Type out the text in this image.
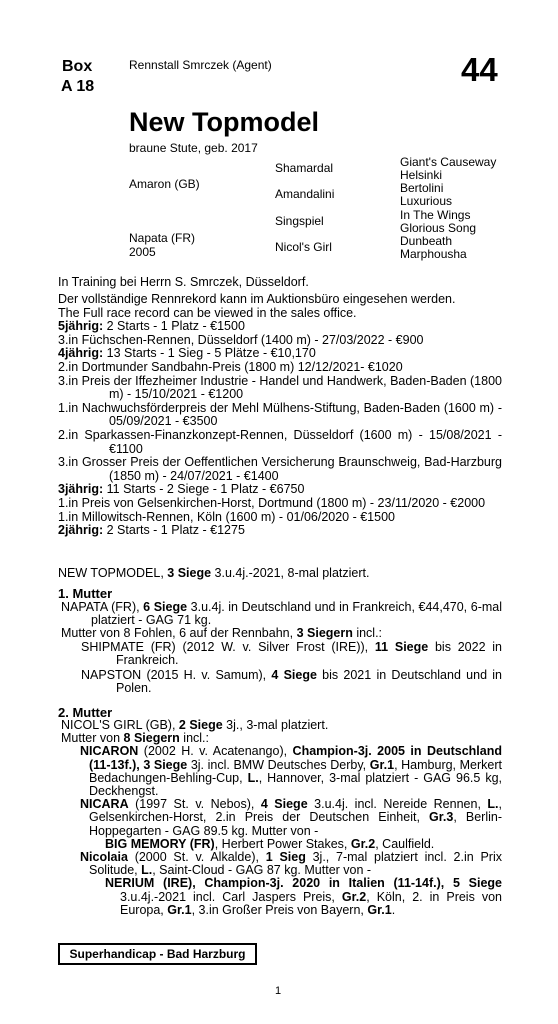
Box
A 18
Rennstall Smrczek (Agent)	44
New Topmodel
braune Stute, geb. 2017
Amaron (GB)
Napata (FR)
2005
Shamardal
Amandalini
Singspiel
Nicol's Girl
Giant's Causeway
Helsinki
Bertolini
Luxurious
In The Wings
Glorious Song
Dunbeath
Marphousha
In Training bei Herrn S. Smrczek, Düsseldorf.
Der vollständige Rennrekord kann im Auktionsbüro eingesehen werden.
The Full race record can be viewed in the sales office.
5jährig: 2 Starts - 1 Platz - €1500
3.in Füchschen-Rennen, Düsseldorf (1400 m) - 27/03/2022 - €900
4jährig: 13 Starts - 1 Sieg - 5 Plätze - €10,170
2.in Dortmunder Sandbahn-Preis (1800 m) 12/12/2021- €1020
3.in Preis der Iffezheimer Industrie - Handel und Handwerk, Baden-Baden (1800 m) - 15/10/2021 - €1200
1.in Nachwuchsförderpreis der Mehl Mülhens-Stiftung, Baden-Baden (1600 m) - 05/09/2021 - €3500
2.in Sparkassen-Finanzkonzept-Rennen, Düsseldorf (1600 m) - 15/08/2021 - €1100
3.in Grosser Preis der Oeffentlichen Versicherung Braunschweig, Bad-Harzburg (1850 m) - 24/07/2021 - €1400
3jährig: 11 Starts - 2 Siege - 1 Platz - €6750
1.in Preis von Gelsenkirchen-Horst, Dortmund (1800 m) - 23/11/2020 - €2000
1.in Millowitsch-Rennen, Köln (1600 m) - 01/06/2020 - €1500
2jährig: 2 Starts - 1 Platz - €1275
NEW TOPMODEL, 3 Siege 3.u.4j.-2021, 8-mal platziert.
1. Mutter
NAPATA (FR), 6 Siege 3.u.4j. in Deutschland und in Frankreich, €44,470, 6-mal platziert - GAG 71 kg.
Mutter von 8 Fohlen, 6 auf der Rennbahn, 3 Siegern incl.:
SHIPMATE (FR) (2012 W. v. Silver Frost (IRE)), 11 Siege bis 2022 in Frankreich.
NAPSTON (2015 H. v. Samum), 4 Siege bis 2021 in Deutschland und in Polen.
2. Mutter
NICOL'S GIRL (GB), 2 Siege 3j., 3-mal platziert.
Mutter von 8 Siegern incl.:
NICARON (2002 H. v. Acatenango), Champion-3j. 2005 in Deutschland (11-13f.), 3 Siege 3j. incl. BMW Deutsches Derby, Gr.1, Hamburg, Merkert Bedachungen-Behling-Cup, L., Hannover, 3-mal platziert - GAG 96.5 kg, Deckhengst.
NICARA (1997 St. v. Nebos), 4 Siege 3.u.4j. incl. Nereide Rennen, L., Gelsenkirchen-Horst, 2.in Preis der Deutschen Einheit, Gr.3, Berlin-Hoppegarten - GAG 89.5 kg. Mutter von -
BIG MEMORY (FR), Herbert Power Stakes, Gr.2, Caulfield.
Nicolaia (2000 St. v. Alkalde), 1 Sieg 3j., 7-mal platziert incl. 2.in Prix Solitude, L., Saint-Cloud - GAG 87 kg. Mutter von -
NERIUM (IRE), Champion-3j. 2020 in Italien (11-14f.), 5 Siege 3.u.4j.-2021 incl. Carl Jaspers Preis, Gr.2, Köln, 2. in Preis von Europa, Gr.1, 3.in Großer Preis von Bayern, Gr.1.
Superhandicap - Bad Harzburg
1
